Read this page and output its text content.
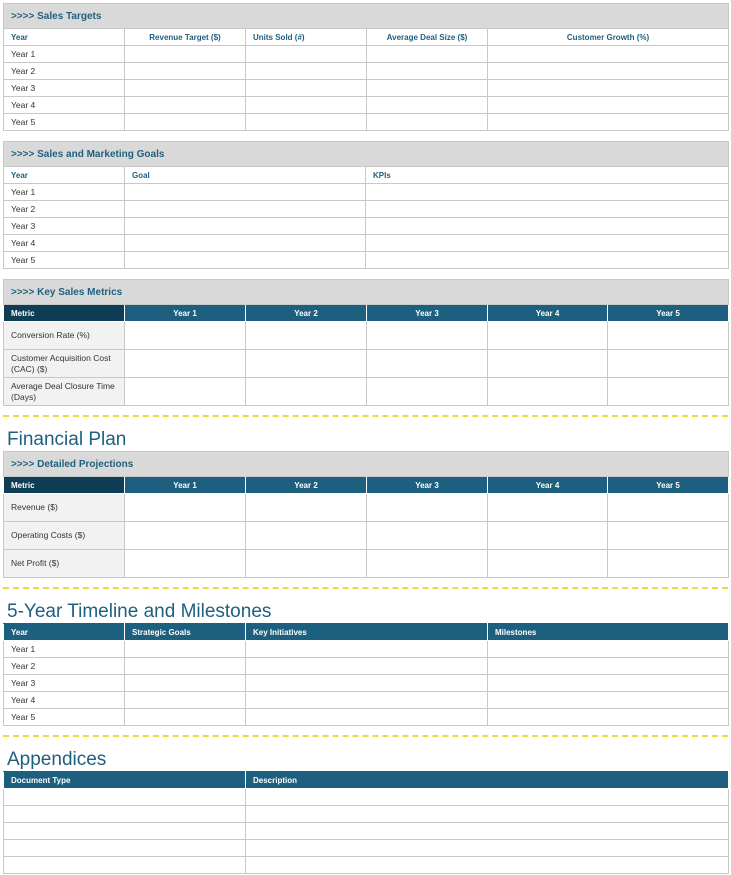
>>>> Sales Targets				
Year	Revenue Target ($)	Units Sold (#)	Average Deal Size ($)	Customer Growth (%)
Year 1				
Year 2				
Year 3				
Year 4				
Year 5				
>>>> Sales and Marketing Goals		
Year	Goal	KPIs
Year 1		
Year 2		
Year 3		
Year 4		
Year 5		
>>>> Key Sales Metrics					
Metric	Year 1	Year 2	Year 3	Year 4	Year 5
Conversion Rate (%)					
Customer Acquisition Cost (CAC) ($)					
Average Deal Closure Time (Days)					
Financial Plan
>>>> Detailed Projections					
Metric	Year 1	Year 2	Year 3	Year 4	Year 5
Revenue ($)					
Operating Costs ($)					
Net Profit ($)					
5-Year Timeline and Milestones
Year	Strategic Goals	Key Initiatives	Milestones
Year 1			
Year 2			
Year 3			
Year 4			
Year 5			
Appendices
Document Type	Description
